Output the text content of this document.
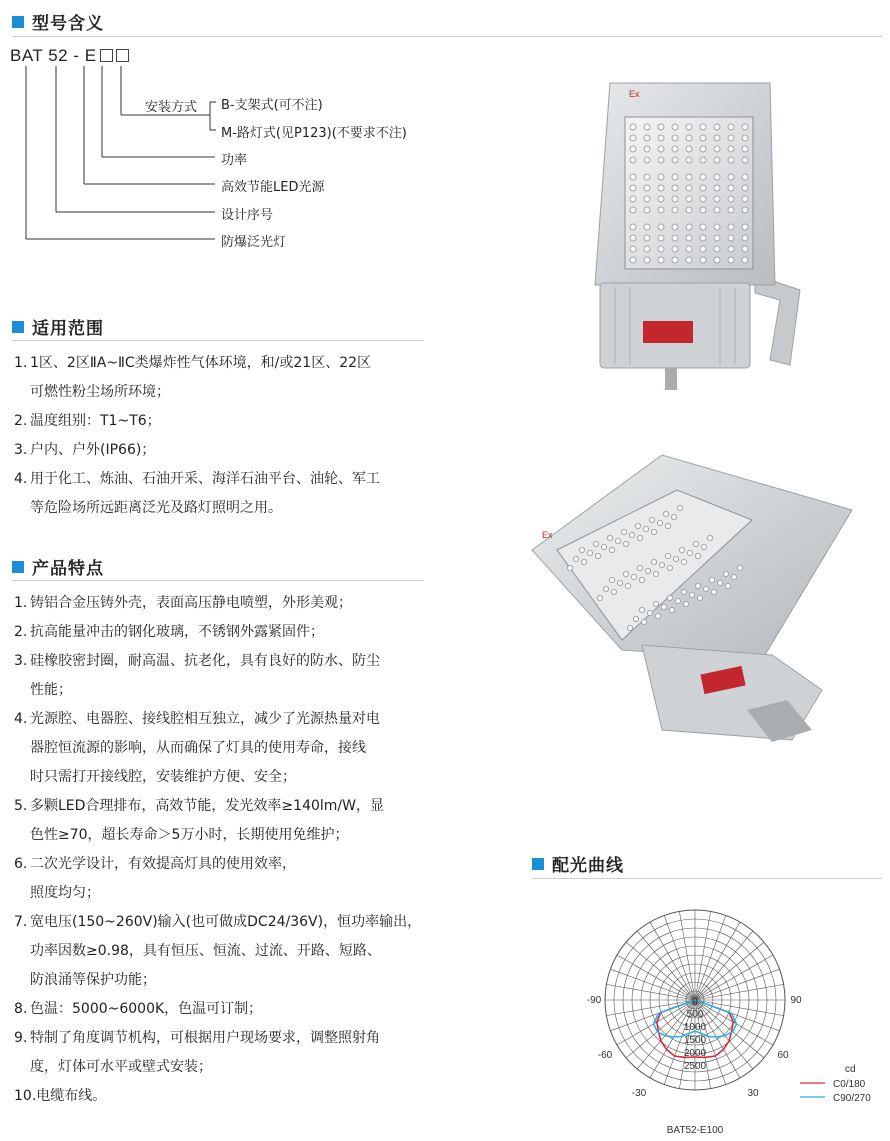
型号含义
BAT 52 - E
安装方式 B-支架式(可不注)
M-路灯式(见P123)(不要求不注)
功率
高效节能LED光源
设计序号
防爆泛光灯
适用范围
1. 1区、2区ⅡA~ⅡC类爆炸性气体环境，和/或21区、22区
可燃性粉尘场所环境；
2. 温度组别：T1~T6；
3. 户内、户外(IP66)；
4. 用于化工、炼油、石油开采、海洋石油平台、油轮、军工
等危险场所远距离泛光及路灯照明之用。
产品特点
1. 铸铝合金压铸外壳，表面高压静电喷塑，外形美观；
2. 抗高能量冲击的钢化玻璃，不锈钢外露紧固件；
3. 硅橡胶密封圈，耐高温、抗老化，具有良好的防水、防尘
性能；
4. 光源腔、电器腔、接线腔相互独立，减少了光源热量对电
器腔恒流源的影响，从而确保了灯具的使用寿命，接线
时只需打开接线腔，安装维护方便、安全；
5. 多颗LED合理排布，高效节能，发光效率≥140lm/W，显
色性≥70，超长寿命＞5万小时，长期使用免维护；
6. 二次光学设计，有效提高灯具的使用效率，
照度均匀；
7. 宽电压(150~260V)输入(也可做成DC24/36V)，恒功率输出，
功率因数≥0.98，具有恒压、恒流、过流、开路、短路、
防浪涌等保护功能；
8. 色温：5000~6000K，色温可订制；
9. 特制了角度调节机构，可根据用户现场要求，调整照射角
度，灯体可水平或壁式安装；
10.电缆布线。
Ex
Ex
配光曲线
-90	90
-60	60
-30	30
0
500
1000
1500
2000
2500	cd
C0/180
C90/270
BAT52-E100
